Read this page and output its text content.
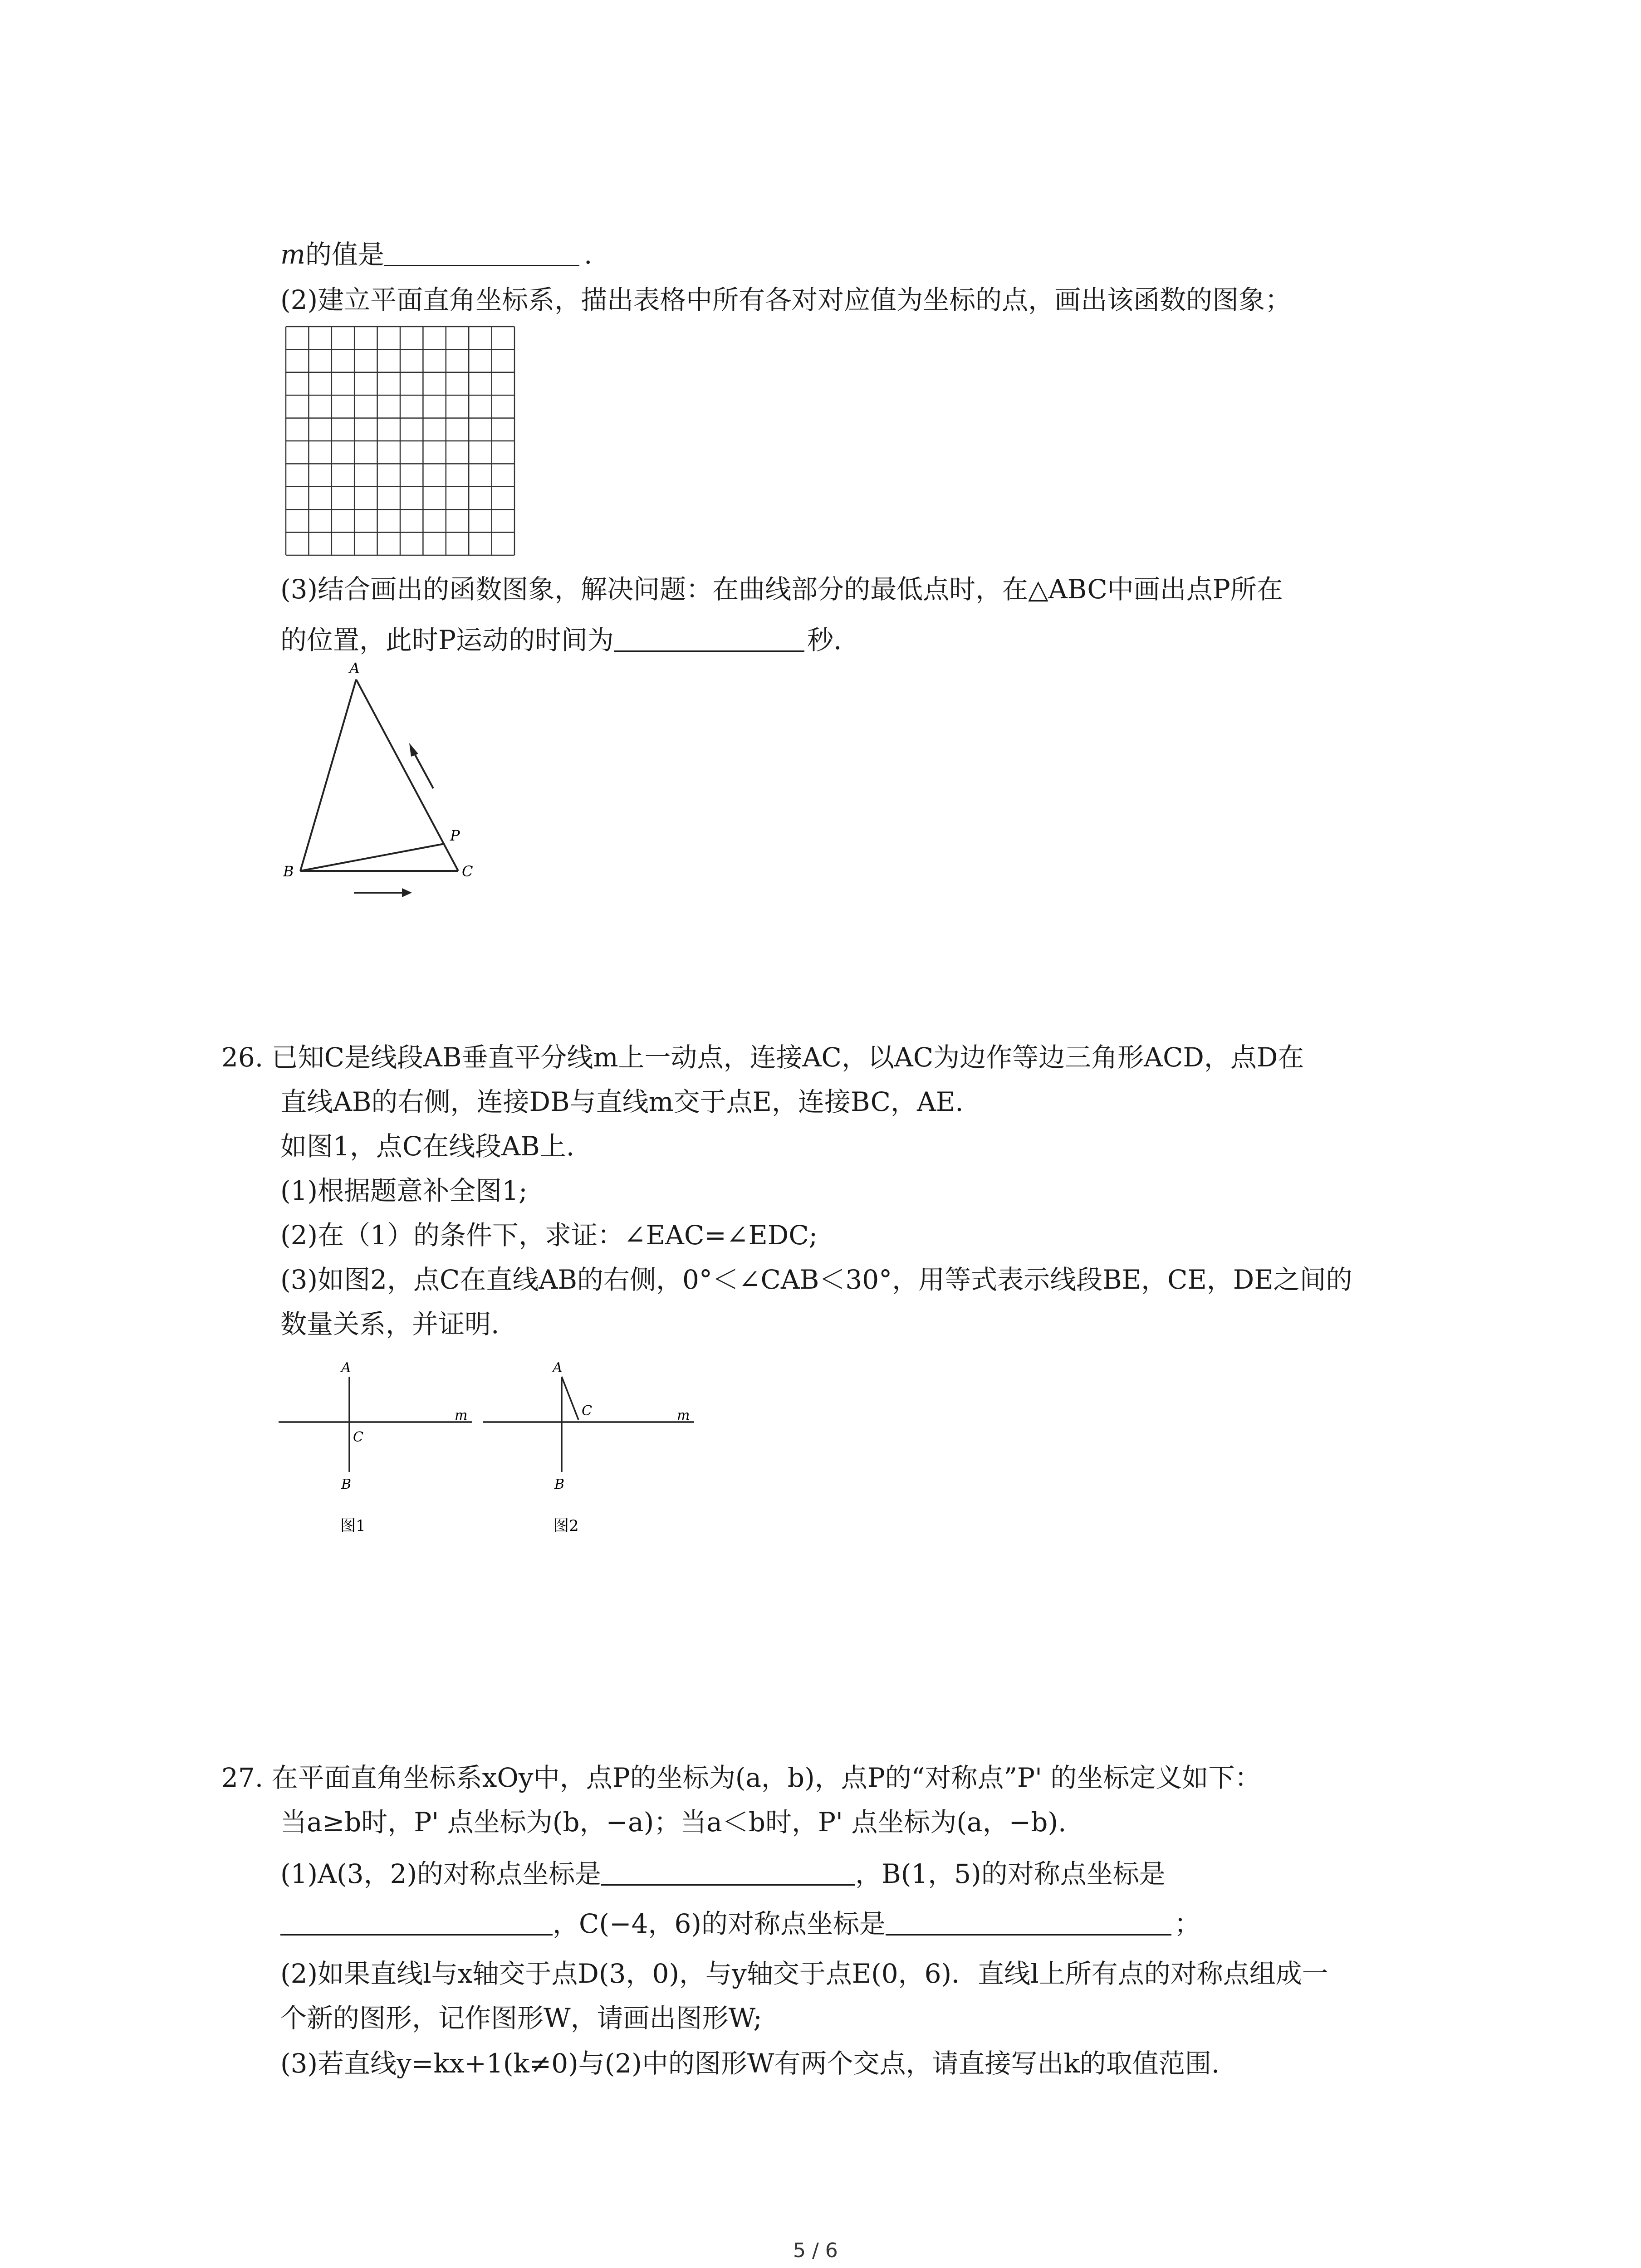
m的值是	.
(2)建立平面直角坐标系，描出表格中所有各对对应值为坐标的点，画出该函数的图象；
(3)结合画出的函数图象，解决问题：在曲线部分的最低点时，在△ABC中画出点P所在
的位置，此时P运动的时间为	秒.
A
B	C
P
26. 已知C是线段AB垂直平分线m上一动点，连接AC，以AC为边作等边三角形ACD，点D在
直线AB的右侧，连接DB与直线m交于点E，连接BC，AE.
如图1，点C在线段AB上.
(1)根据题意补全图1;
(2)在（1）的条件下，求证：∠EAC=∠EDC;
(3)如图2，点C在直线AB的右侧，0°＜∠CAB＜30°，用等式表示线段BE，CE，DE之间的
数量关系，并证明.
A
C
B
m
图1
A
C
B
m
图2
27. 在平面直角坐标系xOy中，点P的坐标为(a，b)，点P的“对称点”P' 的坐标定义如下：
当a≥b时，P' 点坐标为(b，−a)；当a＜b时，P' 点坐标为(a，−b).
(1)A(3，2)的对称点坐标是	，B(1，5)的对称点坐标是
，C(−4，6)的对称点坐标是	；
(2)如果直线l与x轴交于点D(3，0)，与y轴交于点E(0，6)．直线l上所有点的对称点组成一
个新的图形，记作图形W，请画出图形W;
(3)若直线y=kx+1(k≠0)与(2)中的图形W有两个交点，请直接写出k的取值范围.
5 / 6
